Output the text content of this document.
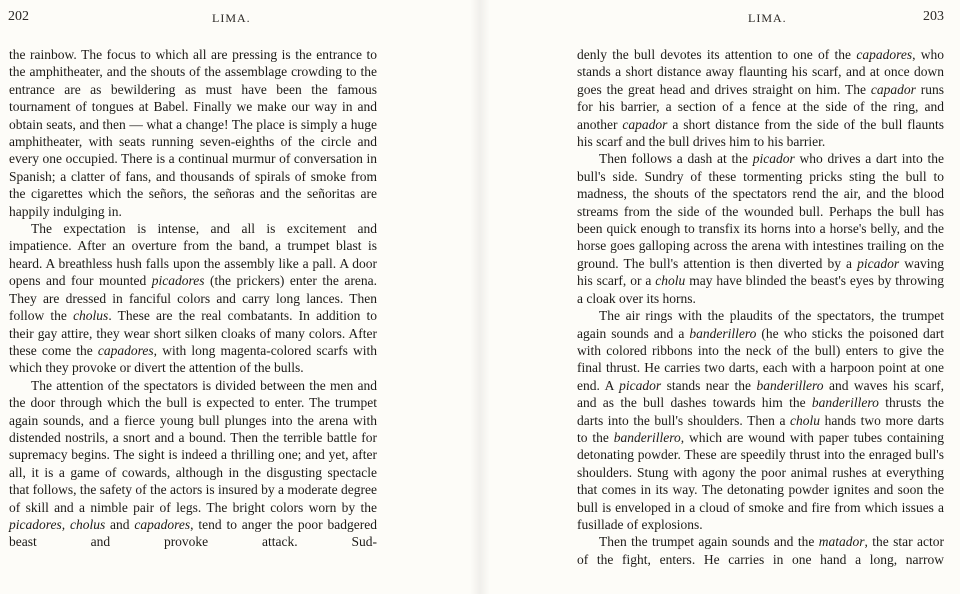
202	LIMA.

the rainbow. The focus to which all are pressing is the entrance to the amphitheater, and the shouts of the assemblage crowding to the entrance are as bewildering as must have been the famous tournament of tongues at Babel. Finally we make our way in and obtain seats, and then — what a change! The place is simply a huge amphitheater, with seats running seven-eighths of the circle and every one occupied. There is a continual murmur of conversation in Spanish; a clatter of fans, and thousands of spirals of smoke from the cigarettes which the señors, the señoras and the señoritas are happily indulging in.

The expectation is intense, and all is excitement and impatience. After an overture from the band, a trumpet blast is heard. A breathless hush falls upon the assembly like a pall. A door opens and four mounted picadores (the prickers) enter the arena. They are dressed in fanciful colors and carry long lances. Then follow the cholus. These are the real combatants. In addition to their gay attire, they wear short silken cloaks of many colors. After these come the capadores, with long magenta-colored scarfs with which they provoke or divert the attention of the bulls.

The attention of the spectators is divided between the men and the door through which the bull is expected to enter. The trumpet again sounds, and a fierce young bull plunges into the arena with distended nostrils, a snort and a bound. Then the terrible battle for supremacy begins. The sight is indeed a thrilling one; and yet, after all, it is a game of cowards, although in the disgusting spectacle that follows, the safety of the actors is insured by a moderate degree of skill and a nimble pair of legs. The bright colors worn by the picadores, cholus and capadores, tend to anger the poor badgered beast and provoke attack. Sud-

LIMA.	203

denly the bull devotes its attention to one of the capadores, who stands a short distance away flaunting his scarf, and at once down goes the great head and drives straight on him. The capador runs for his barrier, a section of a fence at the side of the ring, and another capador a short distance from the side of the bull flaunts his scarf and the bull drives him to his barrier.

Then follows a dash at the picador who drives a dart into the bull's side. Sundry of these tormenting pricks sting the bull to madness, the shouts of the spectators rend the air, and the blood streams from the side of the wounded bull. Perhaps the bull has been quick enough to transfix its horns into a horse's belly, and the horse goes galloping across the arena with intestines trailing on the ground. The bull's attention is then diverted by a picador waving his scarf, or a cholu may have blinded the beast's eyes by throwing a cloak over its horns.

The air rings with the plaudits of the spectators, the trumpet again sounds and a banderillero (he who sticks the poisoned dart with colored ribbons into the neck of the bull) enters to give the final thrust. He carries two darts, each with a harpoon point at one end. A picador stands near the banderillero and waves his scarf, and as the bull dashes towards him the banderillero thrusts the darts into the bull's shoulders. Then a cholu hands two more darts to the banderillero, which are wound with paper tubes containing detonating powder. These are speedily thrust into the enraged bull's shoulders. Stung with agony the poor animal rushes at everything that comes in its way. The detonating powder ignites and soon the bull is enveloped in a cloud of smoke and fire from which issues a fusillade of explosions.

Then the trumpet again sounds and the matador, the star actor of the fight, enters. He carries in one hand a long, narrow
